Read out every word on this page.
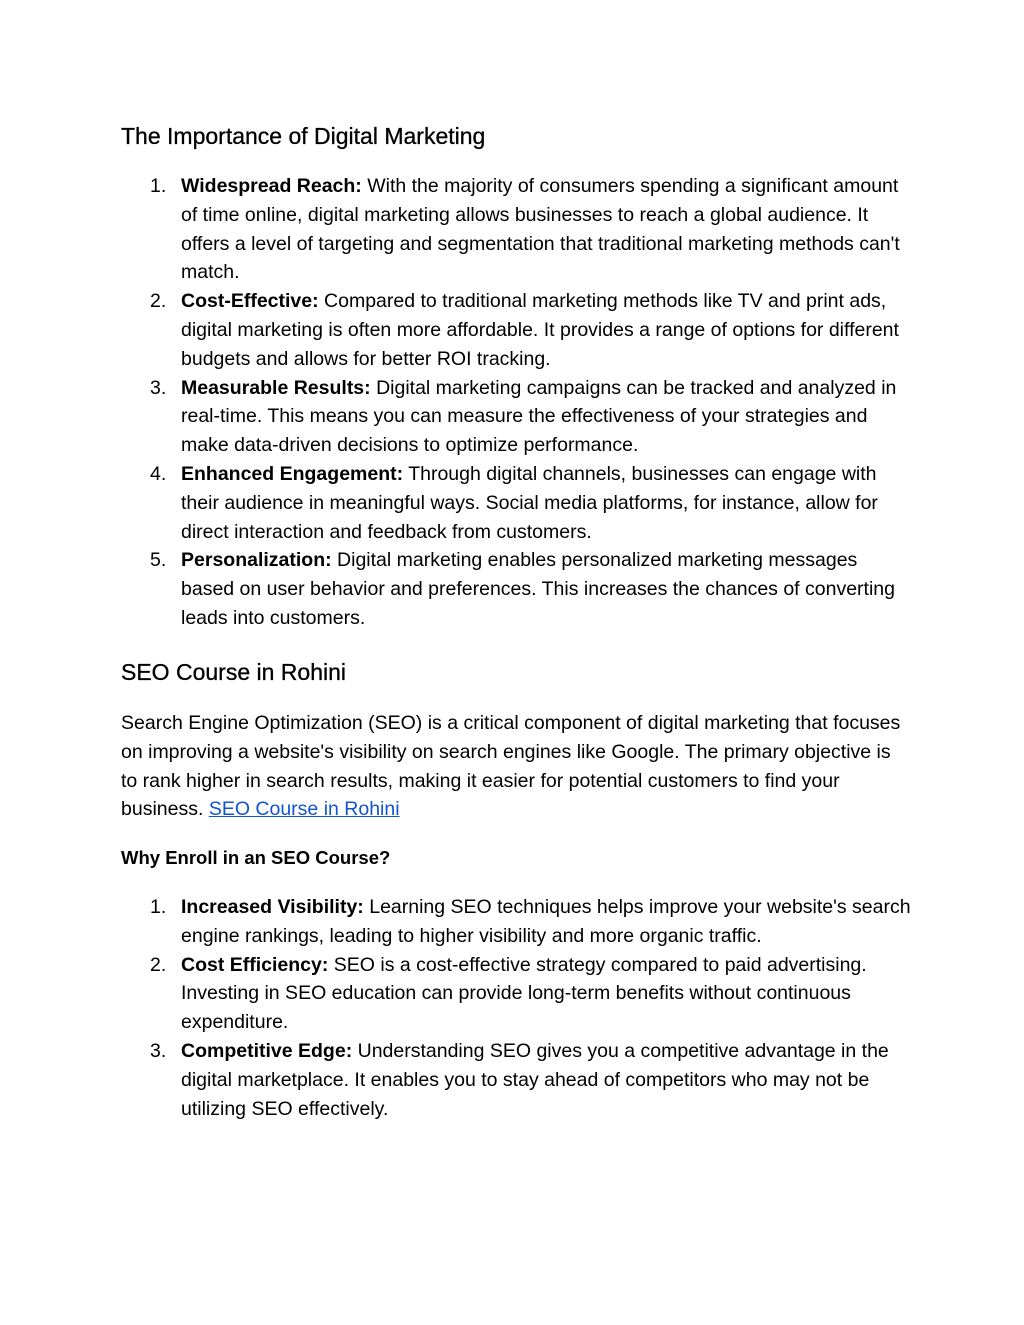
The Importance of Digital Marketing
1. Widespread Reach: With the majority of consumers spending a significant amount of time online, digital marketing allows businesses to reach a global audience. It offers a level of targeting and segmentation that traditional marketing methods can't match.
2. Cost-Effective: Compared to traditional marketing methods like TV and print ads, digital marketing is often more affordable. It provides a range of options for different budgets and allows for better ROI tracking.
3. Measurable Results: Digital marketing campaigns can be tracked and analyzed in real-time. This means you can measure the effectiveness of your strategies and make data-driven decisions to optimize performance.
4. Enhanced Engagement: Through digital channels, businesses can engage with their audience in meaningful ways. Social media platforms, for instance, allow for direct interaction and feedback from customers.
5. Personalization: Digital marketing enables personalized marketing messages based on user behavior and preferences. This increases the chances of converting leads into customers.
SEO Course in Rohini

Search Engine Optimization (SEO) is a critical component of digital marketing that focuses on improving a website's visibility on search engines like Google. The primary objective is to rank higher in search results, making it easier for potential customers to find your business. SEO Course in Rohini

Why Enroll in an SEO Course?
1. Increased Visibility: Learning SEO techniques helps improve your website's search engine rankings, leading to higher visibility and more organic traffic.
2. Cost Efficiency: SEO is a cost-effective strategy compared to paid advertising. Investing in SEO education can provide long-term benefits without continuous expenditure.
3. Competitive Edge: Understanding SEO gives you a competitive advantage in the digital marketplace. It enables you to stay ahead of competitors who may not be utilizing SEO effectively.
